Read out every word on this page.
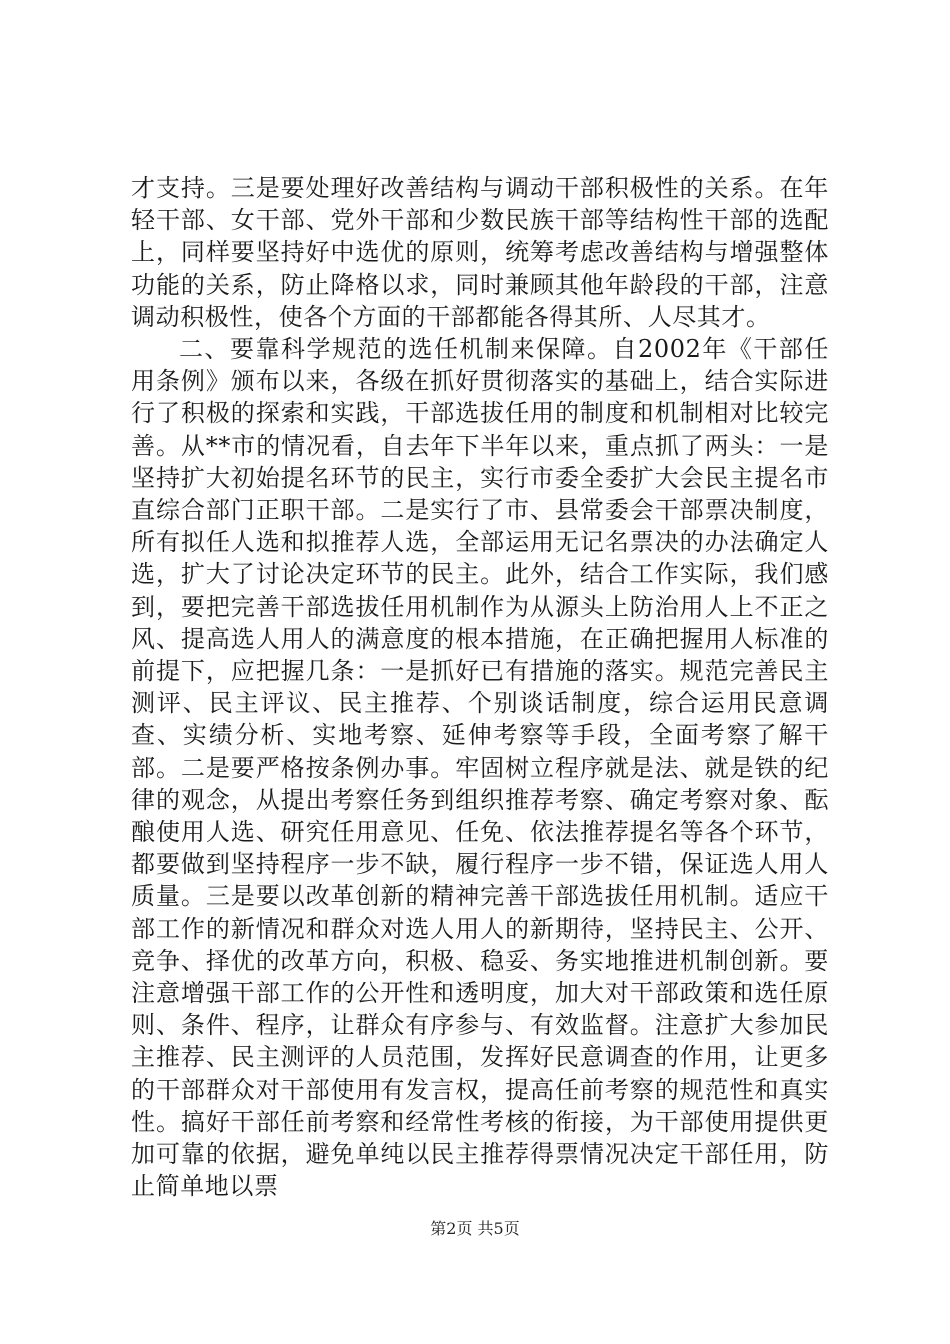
才支持。三是要处理好改善结构与调动干部积极性的关系。在年轻干部、女干部、党外干部和少数民族干部等结构性干部的选配上，同样要坚持好中选优的原则，统筹考虑改善结构与增强整体功能的关系，防止降格以求，同时兼顾其他年龄段的干部，注意调动积极性，使各个方面的干部都能各得其所、人尽其才。

二、要靠科学规范的选任机制来保障。自2002年《干部任用条例》颁布以来，各级在抓好贯彻落实的基础上，结合实际进行了积极的探索和实践，干部选拔任用的制度和机制相对比较完善。从**市的情况看，自去年下半年以来，重点抓了两头：一是坚持扩大初始提名环节的民主，实行市委全委扩大会民主提名市直综合部门正职干部。二是实行了市、县常委会干部票决制度，所有拟任人选和拟推荐人选，全部运用无记名票决的办法确定人选，扩大了讨论决定环节的民主。此外，结合工作实际，我们感到，要把完善干部选拔任用机制作为从源头上防治用人上不正之风、提高选人用人的满意度的根本措施，在正确把握用人标准的前提下，应把握几条：一是抓好已有措施的落实。规范完善民主测评、民主评议、民主推荐、个别谈话制度，综合运用民意调查、实绩分析、实地考察、延伸考察等手段，全面考察了解干部。二是要严格按条例办事。牢固树立程序就是法、就是铁的纪律的观念，从提出考察任务到组织推荐考察、确定考察对象、酝酿使用人选、研究任用意见、任免、依法推荐提名等各个环节，都要做到坚持程序一步不缺，履行程序一步不错，保证选人用人质量。三是要以改革创新的精神完善干部选拔任用机制。适应干部工作的新情况和群众对选人用人的新期待，坚持民主、公开、竞争、择优的改革方向，积极、稳妥、务实地推进机制创新。要注意增强干部工作的公开性和透明度，加大对干部政策和选任原则、条件、程序，让群众有序参与、有效监督。注意扩大参加民主推荐、民主测评的人员范围，发挥好民意调查的作用，让更多的干部群众对干部使用有发言权，提高任前考察的规范性和真实性。搞好干部任前考察和经常性考核的衔接，为干部使用提供更加可靠的依据，避免单纯以民主推荐得票情况决定干部任用，防止简单地以票

第2页 共5页
